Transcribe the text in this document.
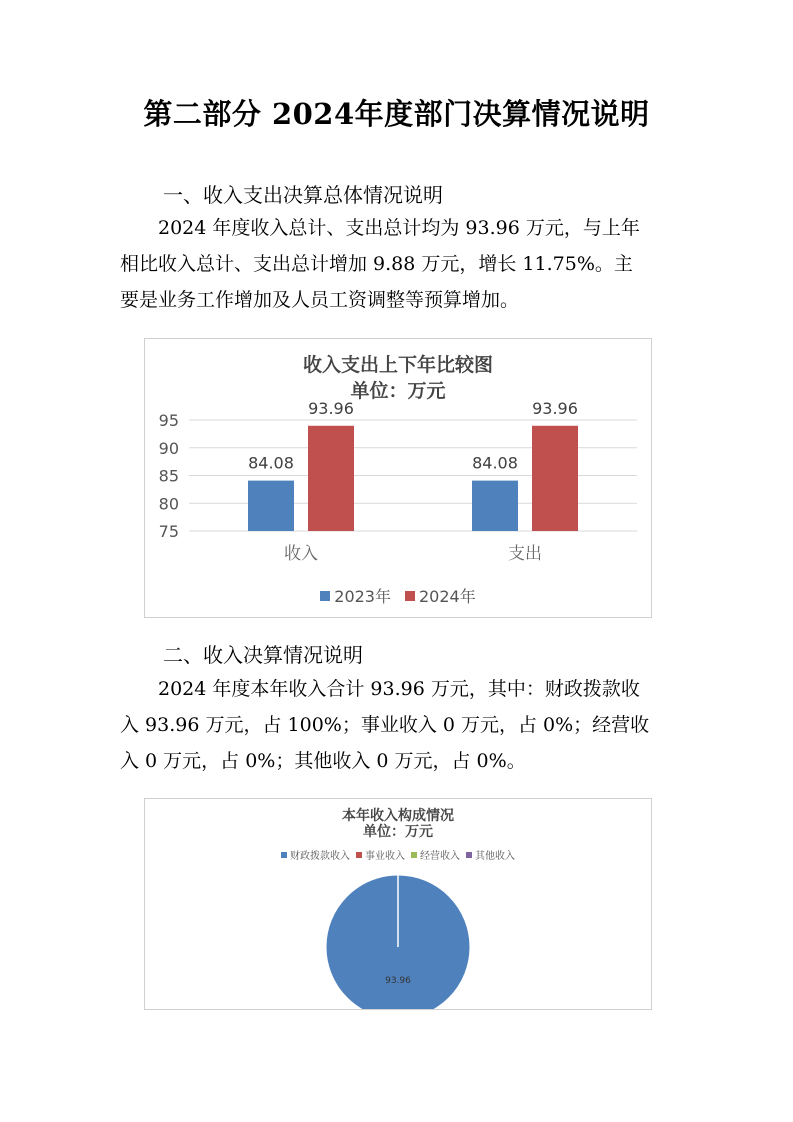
第二部分 2024年度部门决算情况说明
一、收入支出决算总体情况说明
2024 年度收入总计、支出总计均为 93.96 万元，与上年
相比收入总计、支出总计增加 9.88 万元，增长 11.75%。主
要是业务工作增加及人员工资调整等预算增加。
收入支出上下年比较图
单位：万元
75
80
85
90
95
84.08
93.96
收入
84.08
93.96
支出
2023年 2024年
二、收入决算情况说明
2024 年度本年收入合计 93.96 万元，其中：财政拨款收
入 93.96 万元，占 100%；事业收入 0 万元，占 0%；经营收
入 0 万元，占 0%；其他收入 0 万元，占 0%。
本年收入构成情况
单位：万元
财政拨款收入 事业收入 经营收入 其他收入
93.96
